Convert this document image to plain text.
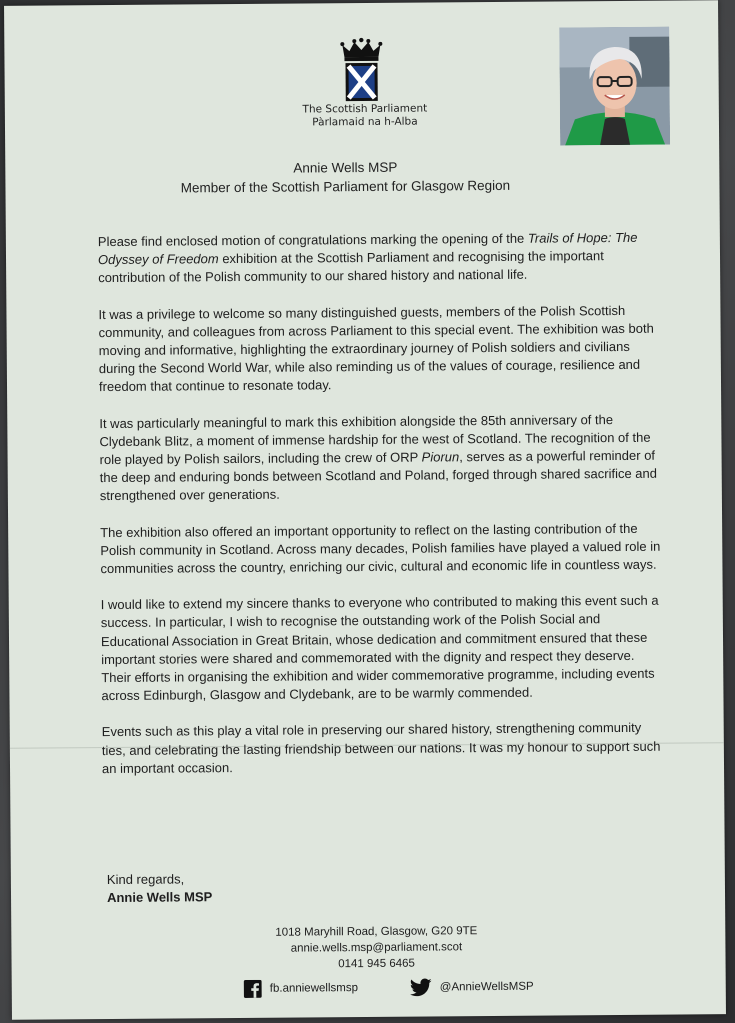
The Scottish Parliament
Pàrlamaid na h-Alba
Annie Wells MSP
Member of the Scottish Parliament for Glasgow Region

Please find enclosed motion of congratulations marking the opening of the Trails of Hope: The Odyssey of Freedom exhibition at the Scottish Parliament and recognising the important contribution of the Polish community to our shared history and national life.

It was a privilege to welcome so many distinguished guests, members of the Polish Scottish community, and colleagues from across Parliament to this special event. The exhibition was both moving and informative, highlighting the extraordinary journey of Polish soldiers and civilians during the Second World War, while also reminding us of the values of courage, resilience and freedom that continue to resonate today.

It was particularly meaningful to mark this exhibition alongside the 85th anniversary of the Clydebank Blitz, a moment of immense hardship for the west of Scotland. The recognition of the role played by Polish sailors, including the crew of ORP Piorun, serves as a powerful reminder of the deep and enduring bonds between Scotland and Poland, forged through shared sacrifice and strengthened over generations.

The exhibition also offered an important opportunity to reflect on the lasting contribution of the Polish community in Scotland. Across many decades, Polish families have played a valued role in communities across the country, enriching our civic, cultural and economic life in countless ways.

I would like to extend my sincere thanks to everyone who contributed to making this event such a success. In particular, I wish to recognise the outstanding work of the Polish Social and Educational Association in Great Britain, whose dedication and commitment ensured that these important stories were shared and commemorated with the dignity and respect they deserve. Their efforts in organising the exhibition and wider commemorative programme, including events across Edinburgh, Glasgow and Clydebank, are to be warmly commended.

Events such as this play a vital role in preserving our shared history, strengthening community ties, and celebrating the lasting friendship between our nations. It was my honour to support such an important occasion.

Kind regards,
Annie Wells MSP
1018 Maryhill Road, Glasgow, G20 9TE
annie.wells.msp@parliament.scot
0141 945 6465
fb.anniewellsmsp	@AnnieWellsMSP
